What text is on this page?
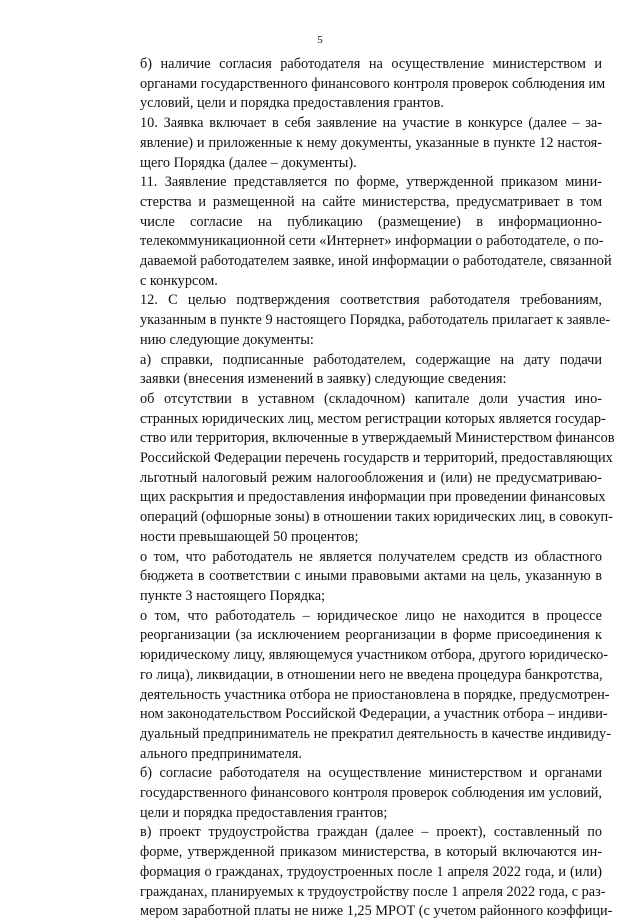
5

б) наличие согласия работодателя на осуществление министерством и
органами государственного финансового контроля проверок соблюдения им
условий, цели и порядка предоставления грантов.

10. Заявка включает в себя заявление на участие в конкурсе (далее – за-
явление) и приложенные к нему документы, указанные в пункте 12 настоя-
щего Порядка (далее – документы).

11. Заявление представляется по форме, утвержденной приказом мини-
стерства и размещенной на сайте министерства, предусматривает в том
числе согласие на публикацию (размещение) в информационно-
телекоммуникационной сети «Интернет» информации о работодателе, о по-
даваемой работодателем заявке, иной информации о работодателе, связанной
с конкурсом.

12. С целью подтверждения соответствия работодателя требованиям,
указанным в пункте 9 настоящего Порядка, работодатель прилагает к заявле-
нию следующие документы:

а) справки, подписанные работодателем, содержащие на дату подачи
заявки (внесения изменений в заявку) следующие сведения:

об отсутствии в уставном (складочном) капитале доли участия ино-
странных юридических лиц, местом регистрации которых является государ-
ство или территория, включенные в утверждаемый Министерством финансов
Российской Федерации перечень государств и территорий, предоставляющих
льготный налоговый режим налогообложения и (или) не предусматриваю-
щих раскрытия и предоставления информации при проведении финансовых
операций (офшорные зоны) в отношении таких юридических лиц, в совокуп-
ности превышающей 50 процентов;

о том, что работодатель не является получателем средств из областного
бюджета в соответствии с иными правовыми актами на цель, указанную в
пункте 3 настоящего Порядка;

о том, что работодатель – юридическое лицо не находится в процессе
реорганизации (за исключением реорганизации в форме присоединения к
юридическому лицу, являющемуся участником отбора, другого юридическо-
го лица), ликвидации, в отношении него не введена процедура банкротства,
деятельность участника отбора не приостановлена в порядке, предусмотрен-
ном законодательством Российской Федерации, а участник отбора – индиви-
дуальный предприниматель не прекратил деятельность в качестве индивиду-
ального предпринимателя.

б) согласие работодателя на осуществление министерством и органами
государственного финансового контроля проверок соблюдения им условий,
цели и порядка предоставления грантов;

в) проект трудоустройства граждан (далее – проект), составленный по
форме, утвержденной приказом министерства, в который включаются ин-
формация о гражданах, трудоустроенных после 1 апреля 2022 года, и (или)
гражданах, планируемых к трудоустройству после 1 апреля 2022 года, с раз-
мером заработной платы не ниже 1,25 МРОТ (с учетом районного коэффици-
